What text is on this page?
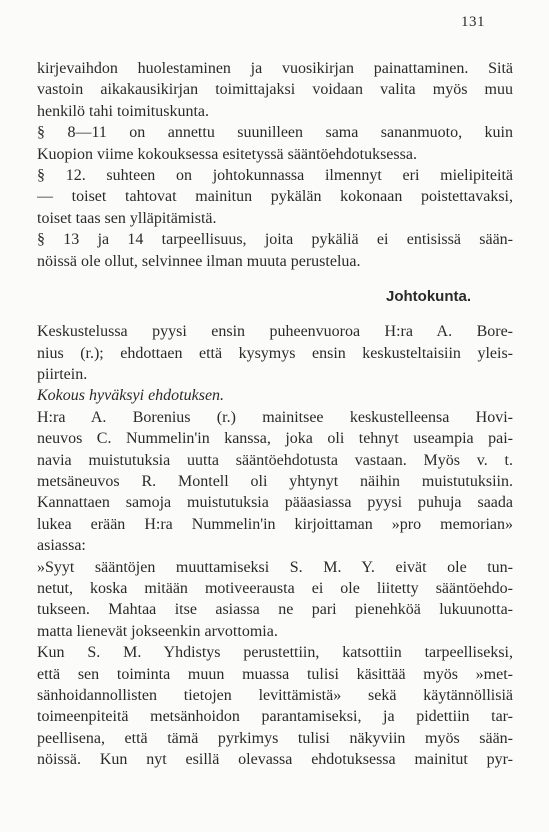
131
kirjevaihdon huolestaminen ja vuosikirjan painattaminen. Sitä
vastoin aikakausikirjan toimittajaksi voidaan valita myös muu
henkilö tahi toimituskunta.
§ 8—11 on annettu suunilleen sama sananmuoto, kuin
Kuopion viime kokouksessa esitetyssä sääntöehdotuksessa.
§ 12. suhteen on johtokunnassa ilmennyt eri mielipiteitä
— toiset tahtovat mainitun pykälän kokonaan poistettavaksi,
toiset taas sen ylläpitämistä.
§ 13 ja 14 tarpeellisuus, joita pykäliä ei entisissä sään-
nöissä ole ollut, selvinnee ilman muuta perustelua.
Johtokunta.
Keskustelussa pyysi ensin puheenvuoroa H:ra A. Bore-
nius (r.); ehdottaen että kysymys ensin keskusteltaisiin yleis-
piirtein.
Kokous hyväksyi ehdotuksen.
H:ra A. Borenius (r.) mainitsee keskustelleensa Hovi-
neuvos C. Nummelin'in kanssa, joka oli tehnyt useampia pai-
navia muistutuksia uutta sääntöehdotusta vastaan. Myös v. t.
metsäneuvos R. Montell oli yhtynyt näihin muistutuksiin.
Kannattaen samoja muistutuksia pääasiassa pyysi puhuja saada
lukea erään H:ra Nummelin'in kirjoittaman »pro memorian»
asiassa:
»Syyt sääntöjen muuttamiseksi S. M. Y. eivät ole tun-
netut, koska mitään motiveerausta ei ole liitetty sääntöehdo-
tukseen. Mahtaa itse asiassa ne pari pienehköä lukuunotta-
matta lienevät jokseenkin arvottomia.
Kun S. M. Yhdistys perustettiin, katsottiin tarpeelliseksi,
että sen toiminta muun muassa tulisi käsittää myös »met-
sänhoidannollisten tietojen levittämistä» sekä käytännöllisiä
toimeenpiteitä metsänhoidon parantamiseksi, ja pidettiin tar-
peellisena, että tämä pyrkimys tulisi näkyviin myös sään-
nöissä. Kun nyt esillä olevassa ehdotuksessa mainitut pyr-
